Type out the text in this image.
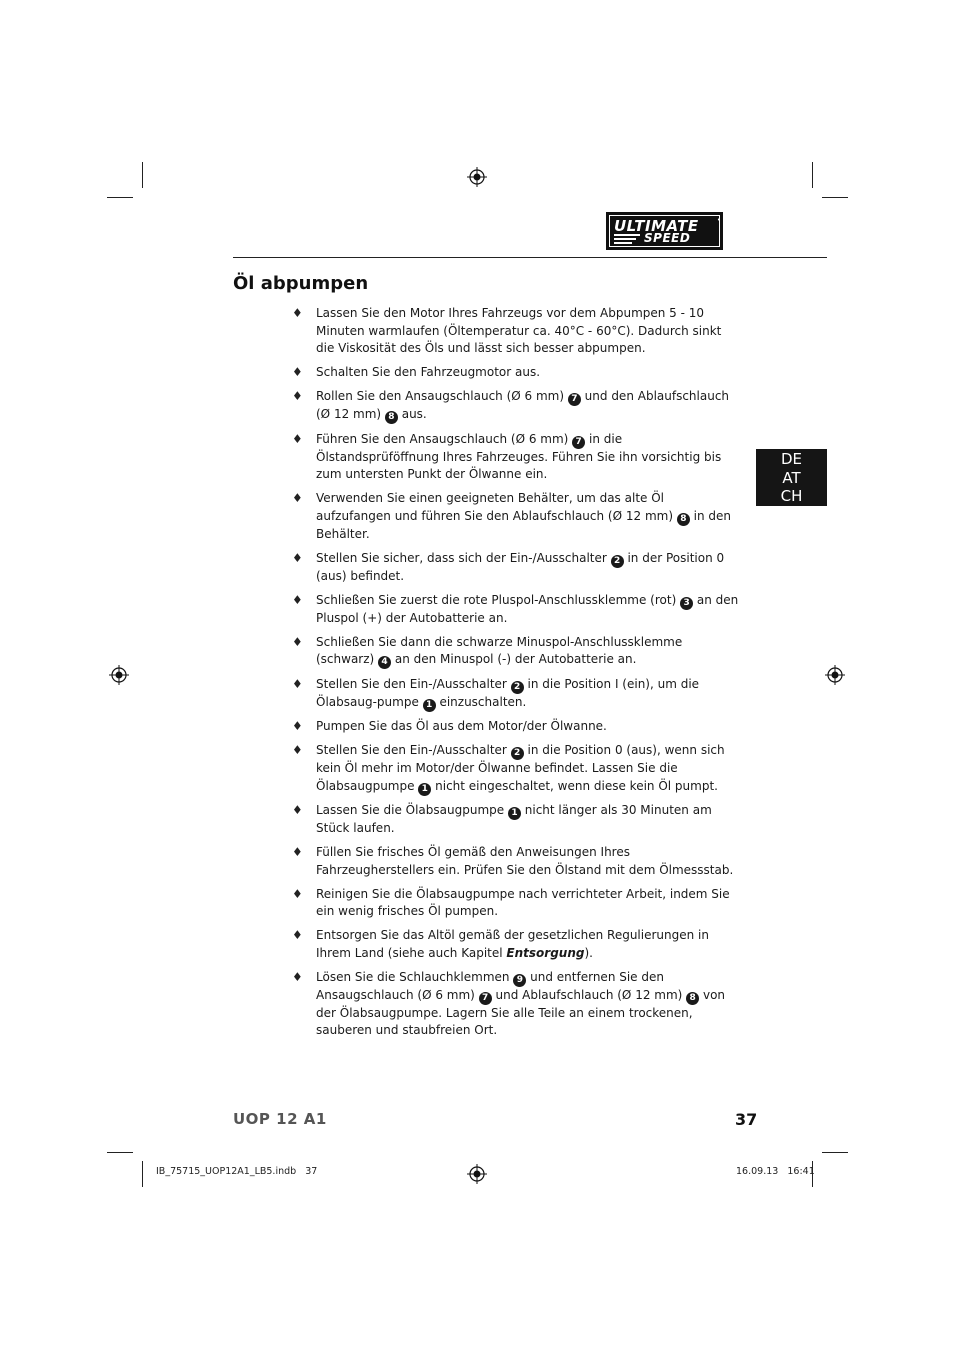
ULTIMATE
SPEED
•
Öl abpumpen
♦ Lassen Sie den Motor Ihres Fahrzeugs vor dem Abpumpen 5 - 10 Minuten warmlaufen (Öltemperatur ca. 40°C - 60°C). Dadurch sinkt die Viskosität des Öls und lässt sich besser abpumpen.
♦ Schalten Sie den Fahrzeugmotor aus.
♦ Rollen Sie den Ansaugschlauch (Ø 6 mm) 7 und den Ablaufschlauch (Ø 12 mm) 8 aus.
♦ Führen Sie den Ansaugschlauch (Ø 6 mm) 7 in die Ölstandsprüföffnung Ihres Fahrzeuges. Führen Sie ihn vorsichtig bis zum untersten Punkt der Ölwanne ein.
♦ Verwenden Sie einen geeigneten Behälter, um das alte Öl aufzufangen und führen Sie den Ablaufschlauch (Ø 12 mm) 8 in den Behälter.
♦ Stellen Sie sicher, dass sich der Ein-/Ausschalter 2 in der Position 0 (aus) befindet.
♦ Schließen Sie zuerst die rote Pluspol-Anschlussklemme (rot) 3 an den Pluspol (+) der Autobatterie an.
♦ Schließen Sie dann die schwarze Minuspol-Anschlussklemme (schwarz) 4 an den Minuspol (-) der Autobatterie an.
♦ Stellen Sie den Ein-/Ausschalter 2 in die Position I (ein), um die Ölabsaug-pumpe 1 einzuschalten.
♦ Pumpen Sie das Öl aus dem Motor/der Ölwanne.
♦ Stellen Sie den Ein-/Ausschalter 2 in die Position 0 (aus), wenn sich kein Öl mehr im Motor/der Ölwanne befindet. Lassen Sie die Ölabsaugpumpe 1 nicht eingeschaltet, wenn diese kein Öl pumpt.
♦ Lassen Sie die Ölabsaugpumpe 1 nicht länger als 30 Minuten am Stück laufen.
♦ Füllen Sie frisches Öl gemäß den Anweisungen Ihres Fahrzeugherstellers ein. Prüfen Sie den Ölstand mit dem Ölmessstab.
♦ Reinigen Sie die Ölabsaugpumpe nach verrichteter Arbeit, indem Sie ein wenig frisches Öl pumpen.
♦ Entsorgen Sie das Altöl gemäß der gesetzlichen Regulierungen in Ihrem Land (siehe auch Kapitel Entsorgung).
♦ Lösen Sie die Schlauchklemmen 9 und entfernen Sie den Ansaugschlauch (Ø 6 mm) 7 und Ablaufschlauch (Ø 12 mm) 8 von der Ölabsaugpumpe. Lagern Sie alle Teile an einem trockenen, sauberen und staubfreien Ort.
DE
AT
CH
UOP 12 A1	37
IB_75715_UOP12A1_LB5.indb   37	16.09.13   16:41
